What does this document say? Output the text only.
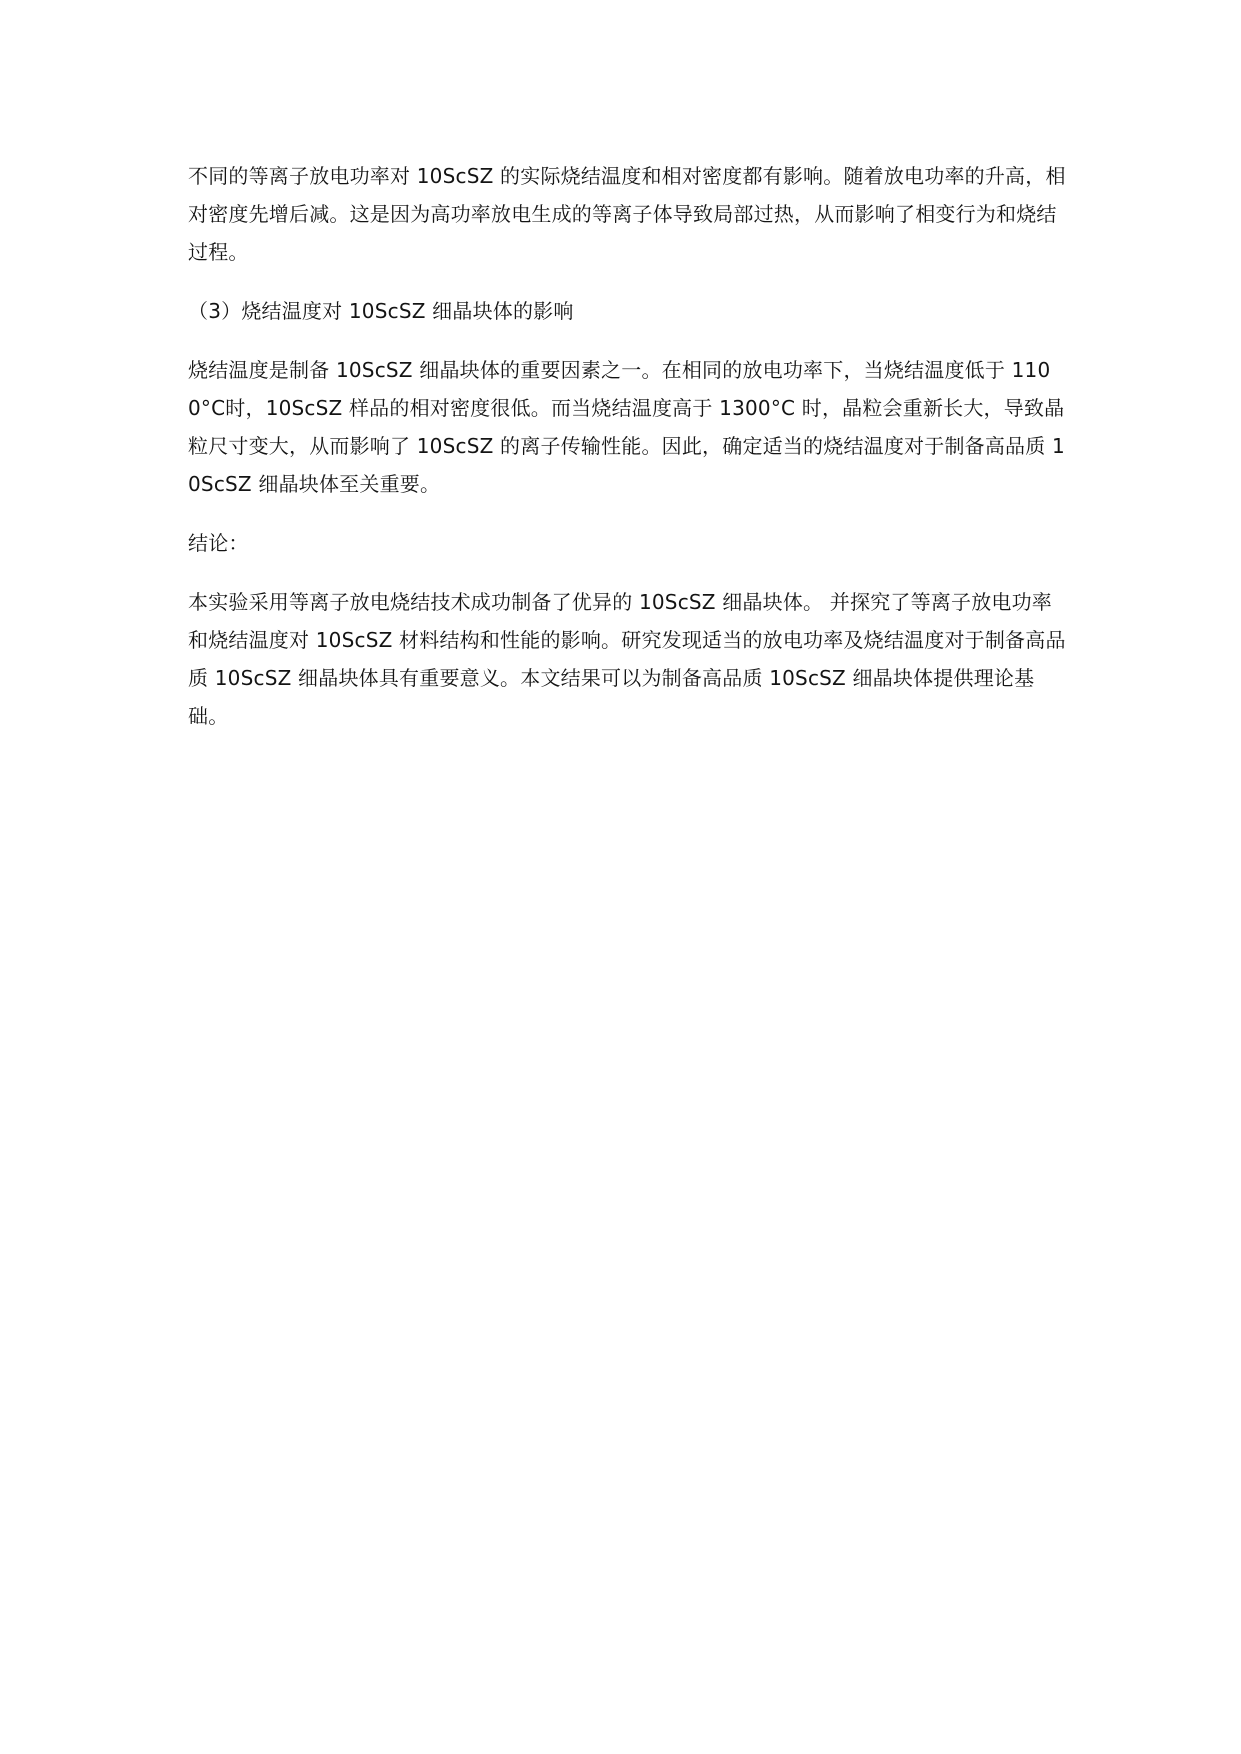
不同的等离子放电功率对 10ScSZ 的实际烧结温度和相对密度都有影响。随着放电功率的升高，相对密度先增后减。这是因为高功率放电生成的等离子体导致局部过热，从而影响了相变行为和烧结过程。

（3）烧结温度对 10ScSZ 细晶块体的影响

烧结温度是制备 10ScSZ 细晶块体的重要因素之一。在相同的放电功率下，当烧结温度低于 1100°C时，10ScSZ 样品的相对密度很低。而当烧结温度高于 1300°C 时，晶粒会重新长大，导致晶粒尺寸变大，从而影响了 10ScSZ 的离子传输性能。因此，确定适当的烧结温度对于制备高品质 10ScSZ 细晶块体至关重要。

结论：

本实验采用等离子放电烧结技术成功制备了优异的 10ScSZ 细晶块体。 并探究了等离子放电功率和烧结温度对 10ScSZ 材料结构和性能的影响。研究发现适当的放电功率及烧结温度对于制备高品质 10ScSZ 细晶块体具有重要意义。本文结果可以为制备高品质 10ScSZ 细晶块体提供理论基础。
